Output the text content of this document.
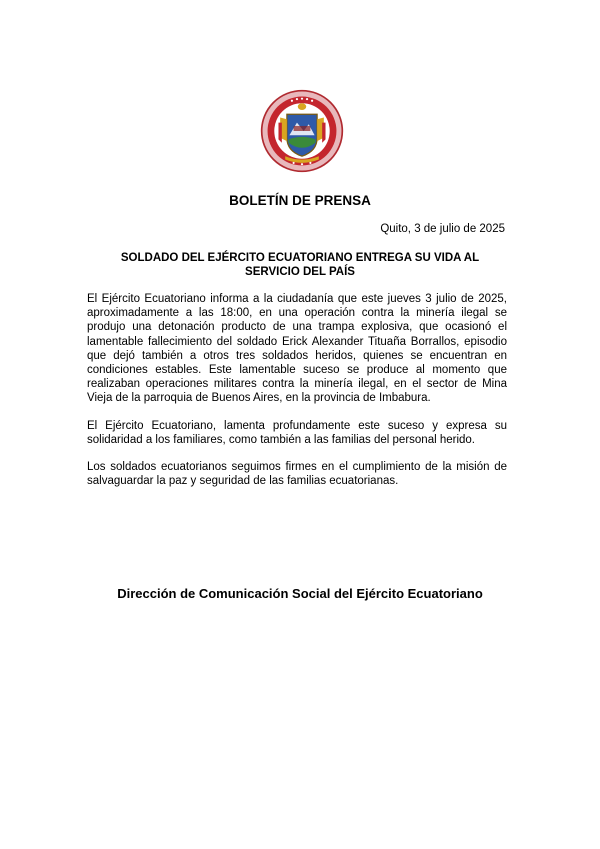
BOLETÍN DE PRENSA
Quito, 3 de julio de 2025
SOLDADO DEL EJÉRCITO ECUATORIANO ENTREGA SU VIDA AL SERVICIO DEL PAÍS

El Ejército Ecuatoriano informa a la ciudadanía que este jueves 3 julio de 2025, aproximadamente a las 18:00, en una operación contra la minería ilegal se produjo una detonación producto de una trampa explosiva, que ocasionó el lamentable fallecimiento del soldado Erick Alexander Tituaña Borrallos, episodio que dejó también a otros tres soldados heridos, quienes se encuentran en condiciones estables. Este lamentable suceso se produce al momento que realizaban operaciones militares contra la minería ilegal, en el sector de Mina Vieja de la parroquia de Buenos Aires, en la provincia de Imbabura.

El Ejército Ecuatoriano, lamenta profundamente este suceso y expresa su solidaridad a los familiares, como también a las familias del personal herido.

Los soldados ecuatorianos seguimos firmes en el cumplimiento de la misión de salvaguardar la paz y seguridad de las familias ecuatorianas.

Dirección de Comunicación Social del Ejército Ecuatoriano
